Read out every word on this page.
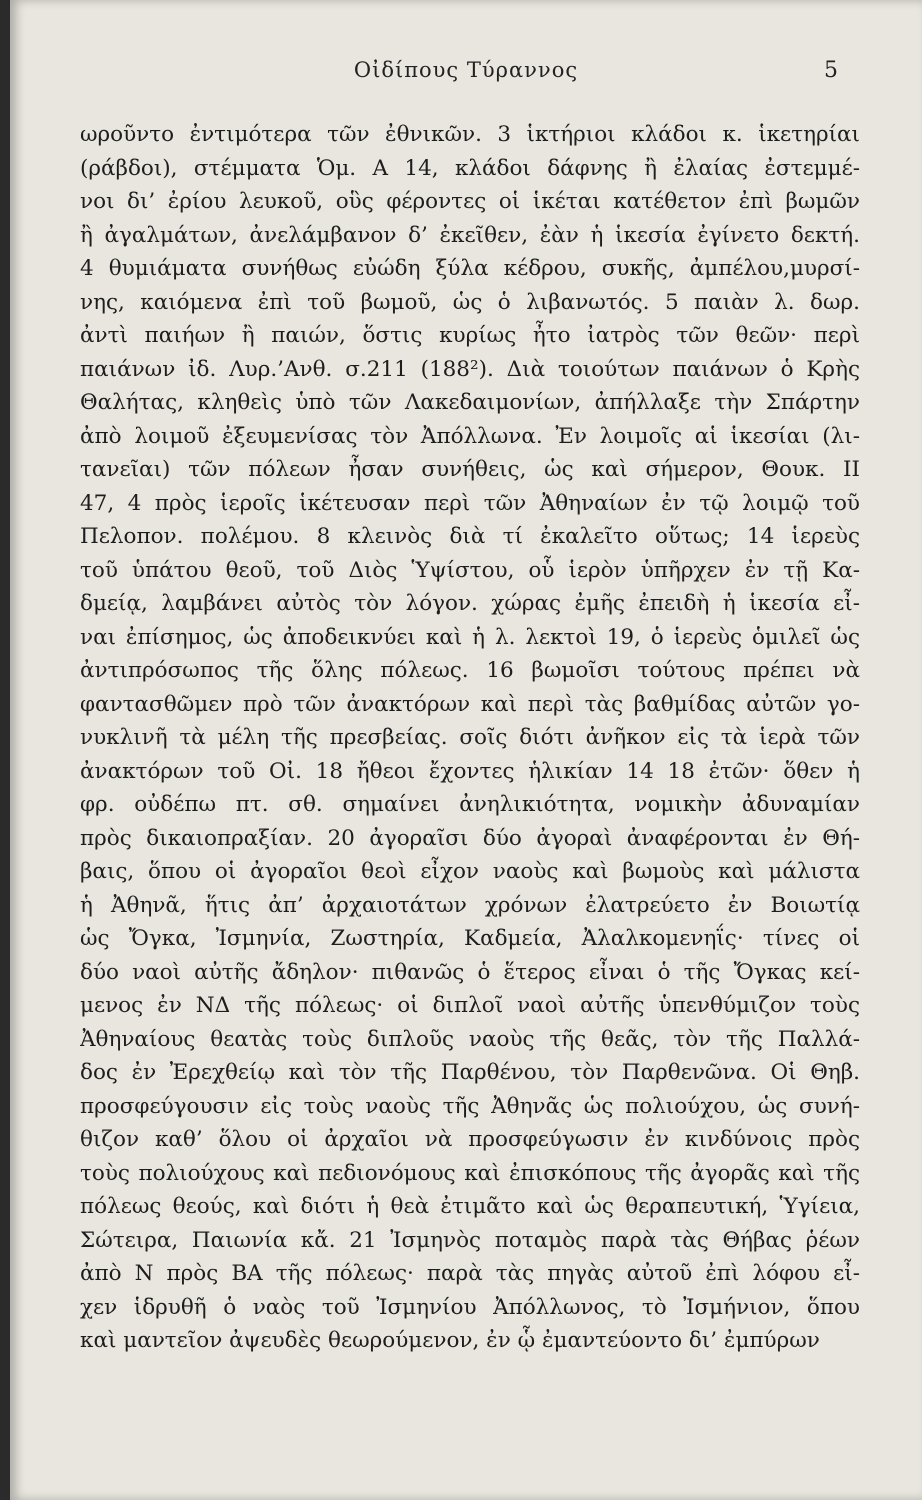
Οἰδίπους Τύραννος	5
ωροῦντο ἐντιμότερα τῶν ἐθνικῶν. 3 ἱκτήριοι κλάδοι κ. ἱκετηρίαι
(ράβδοι), στέμματα Ὁμ. Α 14, κλάδοι δάφνης ἢ ἐλαίας ἐστεμμέ-
νοι δι’ ἐρίου λευκοῦ, οὓς φέροντες οἱ ἱκέται κατέθετον ἐπὶ βωμῶν
ἢ ἀγαλμάτων, ἀνελάμβανον δ’ ἐκεῖθεν, ἐὰν ἡ ἱκεσία ἐγίνετο δεκτή.
4 θυμιάματα συνήθως εὐώδη ξύλα κέδρου, συκῆς, ἀμπέλου,μυρσί-
νης, καιόμενα ἐπὶ τοῦ βωμοῦ, ὡς ὁ λιβανωτός. 5 παιὰν λ. δωρ.
ἀντὶ παιήων ἢ παιών, ὅστις κυρίως ἦτο ἰατρὸς τῶν θεῶν· περὶ
παιάνων ἰδ. Λυρ.’Ανθ. σ.211 (188²). Διὰ τοιούτων παιάνων ὁ Κρὴς
Θαλήτας, κληθεὶς ὑπὸ τῶν Λακεδαιμονίων, ἀπήλλαξε τὴν Σπάρτην
ἀπὸ λοιμοῦ ἐξευμενίσας τὸν Ἀπόλλωνα. Ἐν λοιμοῖς αἱ ἱκεσίαι (λι-
τανεῖαι) τῶν πόλεων ἦσαν συνήθεις, ὡς καὶ σήμερον, Θουκ. ΙΙ
47, 4 πρὸς ἱεροῖς ἱκέτευσαν περὶ τῶν Ἀθηναίων ἐν τῷ λοιμῷ τοῦ
Πελοπον. πολέμου. 8 κλεινὸς διὰ τί ἐκαλεῖτο οὕτως; 14 ἱερεὺς
τοῦ ὑπάτου θεοῦ, τοῦ Διὸς Ὑψίστου, οὗ ἱερὸν ὑπῆρχεν ἐν τῇ Κα-
δμείᾳ, λαμβάνει αὐτὸς τὸν λόγον. χώρας ἐμῆς ἐπειδὴ ἡ ἱκεσία εἶ-
ναι ἐπίσημος, ὡς ἀποδεικνύει καὶ ἡ λ. λεκτοὶ 19, ὁ ἱερεὺς ὁμιλεῖ ὡς
ἀντιπρόσωπος τῆς ὅλης πόλεως. 16 βωμοῖσι τούτους πρέπει νὰ
φαντασθῶμεν πρὸ τῶν ἀνακτόρων καὶ περὶ τὰς βαθμίδας αὐτῶν γο-
νυκλινῆ τὰ μέλη τῆς πρεσβείας. σοῖς διότι ἀνῆκον εἰς τὰ ἱερὰ τῶν
ἀνακτόρων τοῦ Οἰ. 18 ἤθεοι ἔχοντες ἡλικίαν 14 18 ἐτῶν· ὅθεν ἡ
φρ. οὐδέπω πτ. σθ. σημαίνει ἀνηλικιότητα, νομικὴν ἀδυναμίαν
πρὸς δικαιοπραξίαν. 20 ἀγοραῖσι δύο ἀγοραὶ ἀναφέρονται ἐν Θή-
βαις, ὅπου οἱ ἀγοραῖοι θεοὶ εἶχον ναοὺς καὶ βωμοὺς καὶ μάλιστα
ἡ Ἀθηνᾶ, ἥτις ἀπ’ ἀρχαιοτάτων χρόνων ἐλατρεύετο ἐν Βοιωτίᾳ
ὡς Ὄγκα, Ἰσμηνία, Ζωστηρία, Καδμεία, Ἀλαλκομενηΐς· τίνες οἱ
δύο ναοὶ αὐτῆς ἄδηλον· πιθανῶς ὁ ἕτερος εἶναι ὁ τῆς Ὄγκας κεί-
μενος ἐν ΝΔ τῆς πόλεως· οἱ διπλοῖ ναοὶ αὐτῆς ὑπενθύμιζον τοὺς
Ἀθηναίους θεατὰς τοὺς διπλοῦς ναοὺς τῆς θεᾶς, τὸν τῆς Παλλά-
δος ἐν Ἐρεχθείῳ καὶ τὸν τῆς Παρθένου, τὸν Παρθενῶνα. Οἱ Θηβ.
προσφεύγουσιν εἰς τοὺς ναοὺς τῆς Ἀθηνᾶς ὡς πολιούχου, ὡς συνή-
θιζον καθ’ ὅλου οἱ ἀρχαῖοι νὰ προσφεύγωσιν ἐν κινδύνοις πρὸς
τοὺς πολιούχους καὶ πεδιονόμους καὶ ἐπισκόπους τῆς ἀγορᾶς καὶ τῆς
πόλεως θεούς, καὶ διότι ἡ θεὰ ἐτιμᾶτο καὶ ὡς θεραπευτική, Ὑγίεια,
Σώτειρα, Παιωνία κἄ. 21 Ἰσμηνὸς ποταμὸς παρὰ τὰς Θήβας ῥέων
ἀπὸ Ν πρὸς ΒΑ τῆς πόλεως· παρὰ τὰς πηγὰς αὐτοῦ ἐπὶ λόφου εἶ-
χεν ἱδρυθῆ ὁ ναὸς τοῦ Ἰσμηνίου Ἀπόλλωνος, τὸ Ἰσμήνιον, ὅπου
καὶ μαντεῖον ἀψευδὲς θεωρούμενον, ἐν ᾧ ἐμαντεύοντο δι’ ἐμπύρων
